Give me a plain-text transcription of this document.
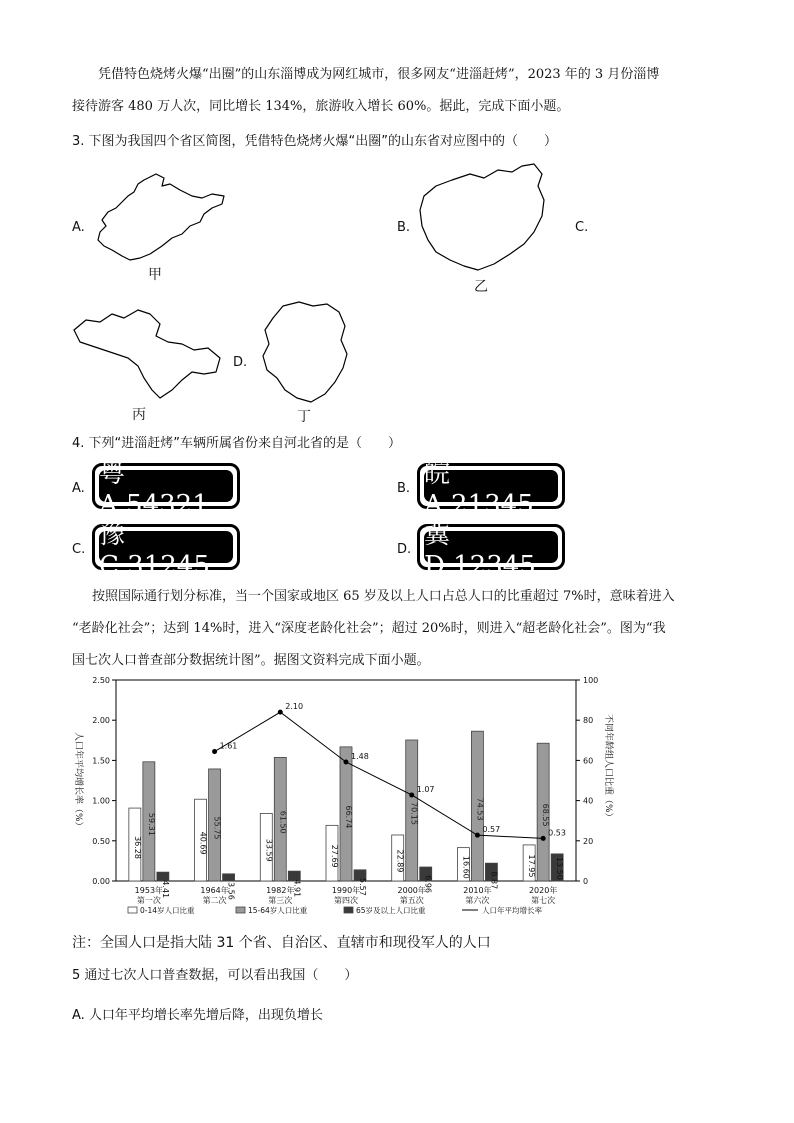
凭借特色烧烤火爆“出圈”的山东淄博成为网红城市，很多网友“进淄赶烤”，2023 年的 3 月份淄博
接待游客 480 万人次，同比增长 134%，旅游收入增长 60%。据此，完成下面小题。
3. 下图为我国四个省区简图，凭借特色烧烤火爆“出圈”的山东省对应图中的（　　）
A.	B.	C.
D.
甲
乙
丙	丁
4. 下列“进淄赶烤”车辆所属省份来自河北省的是（　　）
A. 粤A·54321
B. 皖A·21345
C. 豫C·31245
D. 冀D·12345
按照国际通行划分标准，当一个国家或地区 65 岁及以上人口占总人口的比重超过 7%时，意味着进入
“老龄化社会”；达到 14%时，进入“深度老龄化社会”；超过 20%时，则进入“超老龄化社会”。图为“我
国七次人口普查部分数据统计图”。据图文资料完成下面小题。
0.00
0.50
1.00
1.50
2.00
2.50
0
20
40
60
80
100
36.28
59.31
4.41
40.69
55.75
3.56
33.59
61.50
4.91
27.69
66.74
5.57
22.89
70.15
6.96
16.60
74.53
8.87
17.95
68.55
13.50
1.61
2.10
1.48
1.07
0.57	0.53
1953年
第一次
1964年
第二次
1982年
第三次
1990年
第四次
2000年
第五次
2010年
第六次
2020年
第七次
人口年平均增长率（%）	不同年龄组人口比重（%）
0-14岁人口比重	15-64岁人口比重	65岁及以上人口比重	人口年平均增长率
注：全国人口是指大陆 31 个省、自治区、直辖市和现役军人的人口
5 通过七次人口普查数据，可以看出我国（　　）
A. 人口年平均增长率先增后降，出现负增长
